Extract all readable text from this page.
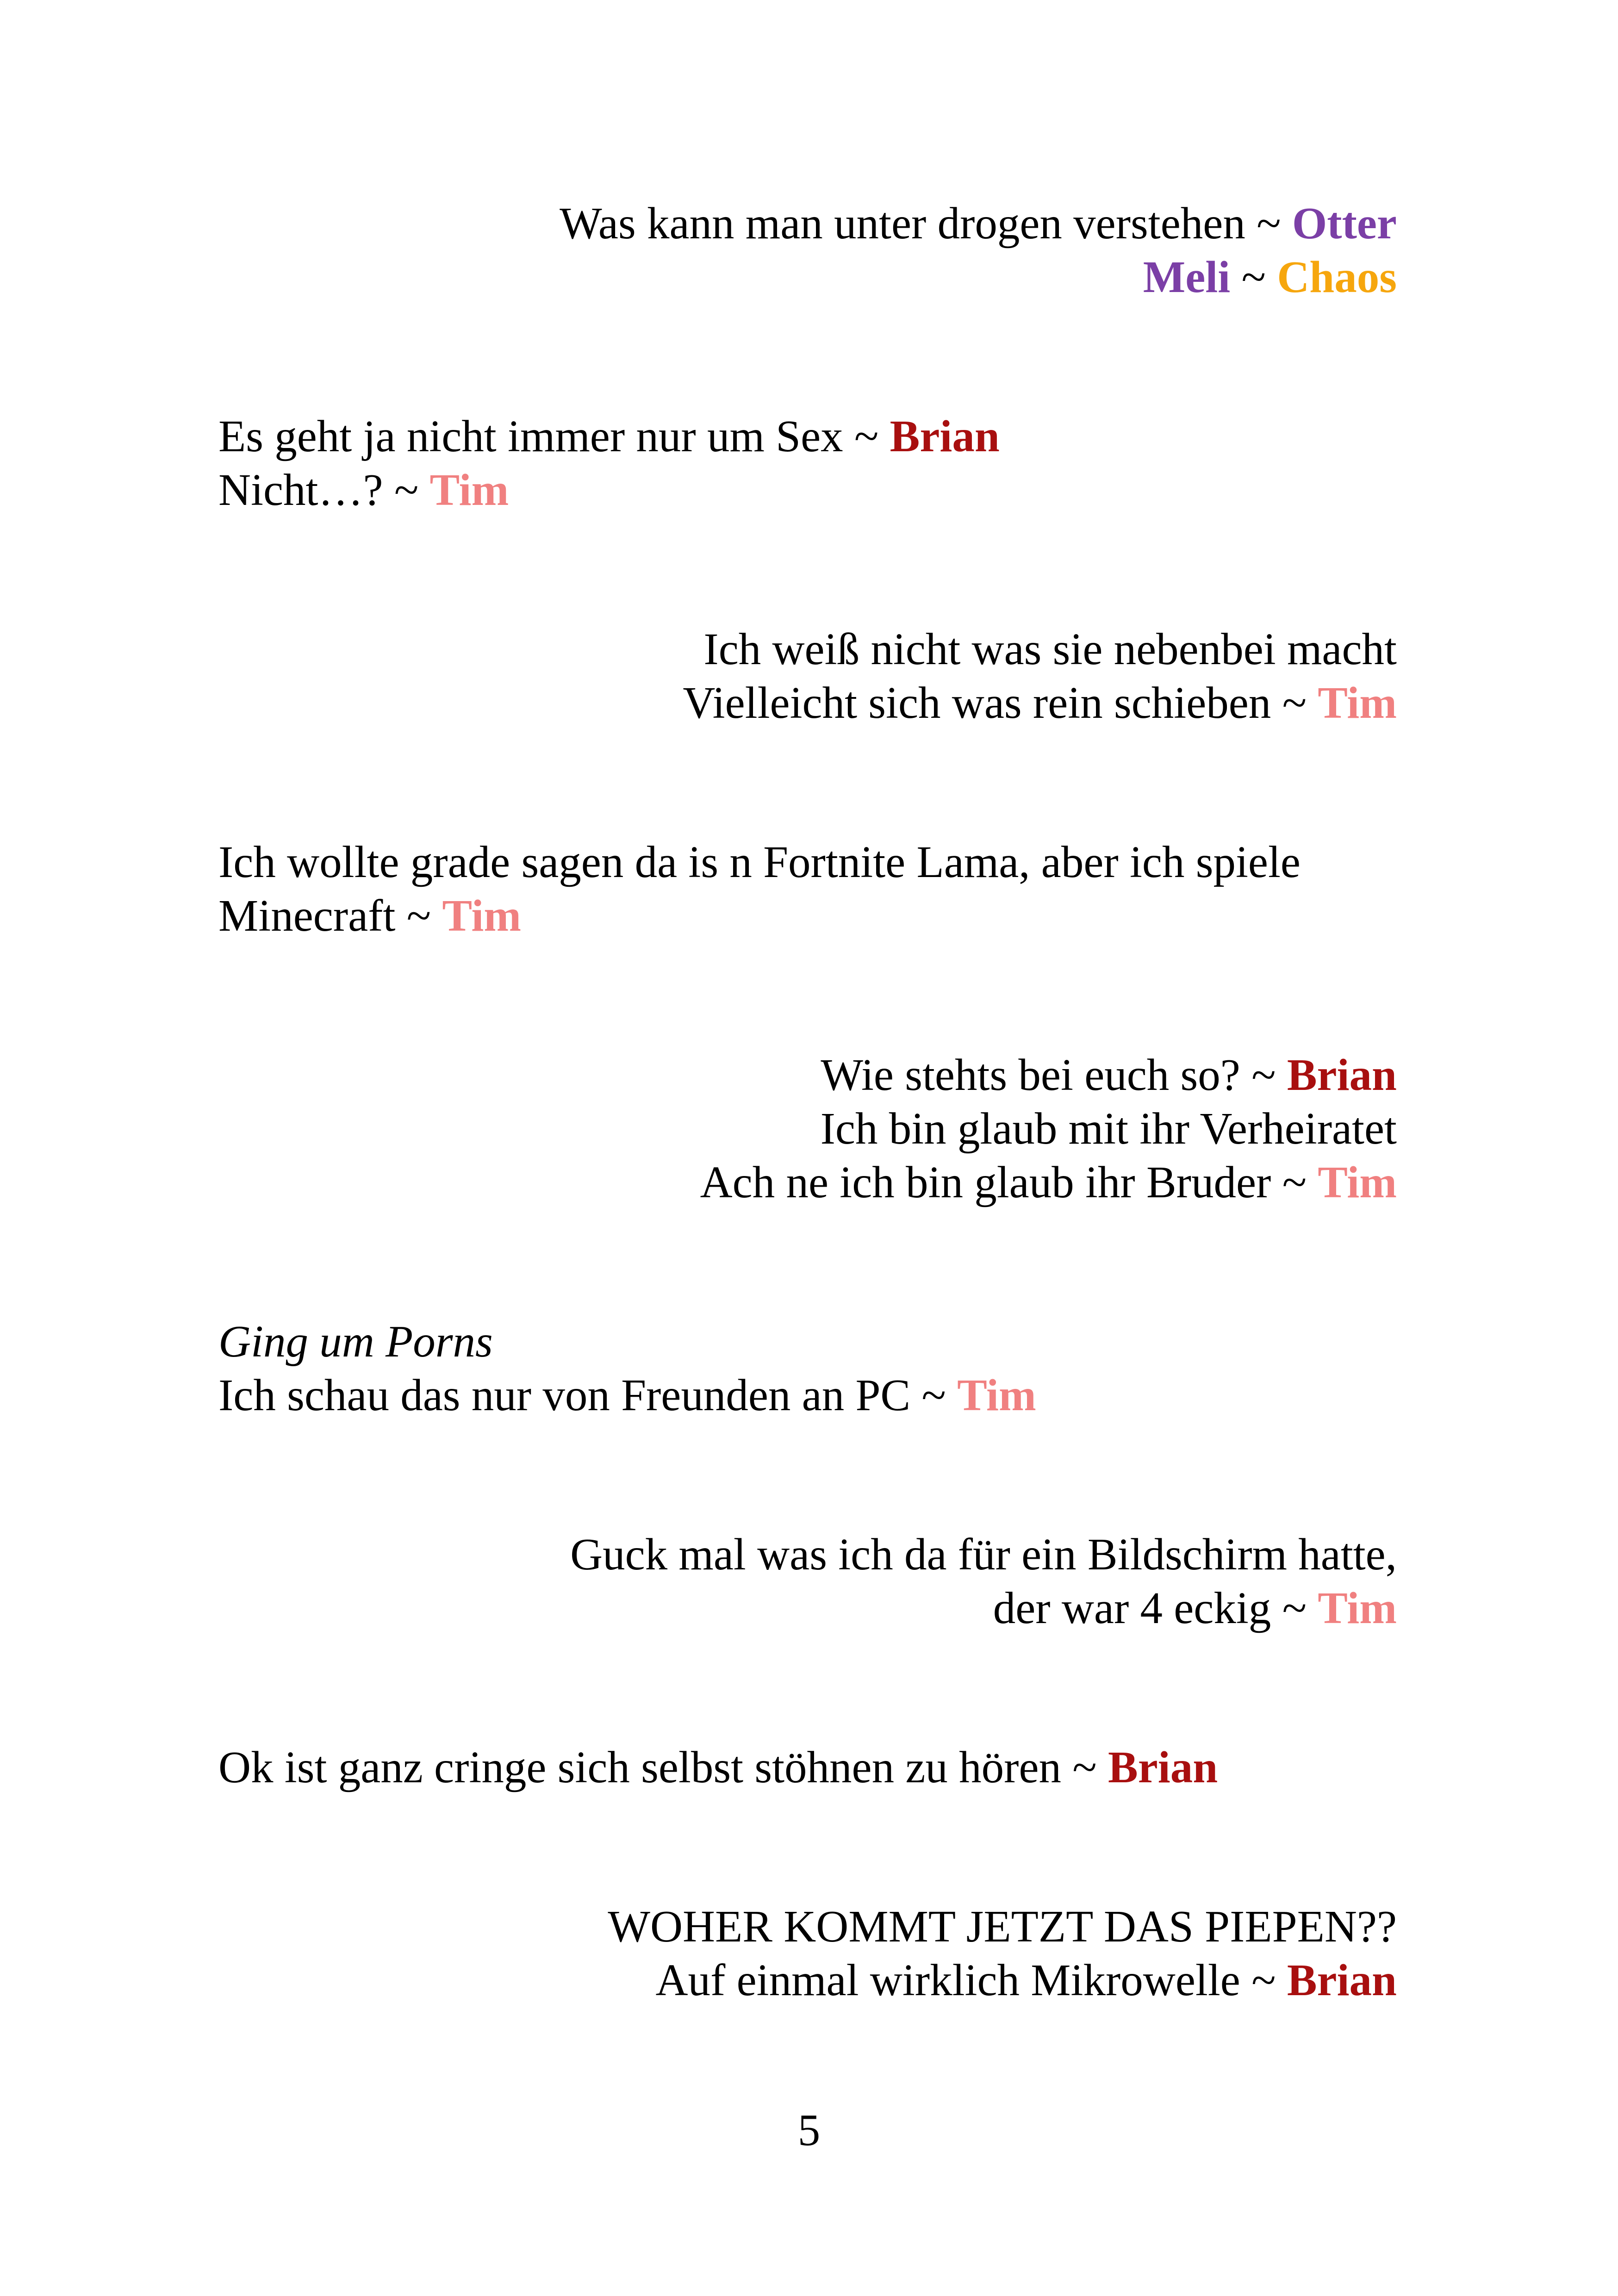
Was kann man unter drogen verstehen ~ Otter
Meli ~ Chaos
Es geht ja nicht immer nur um Sex ~ Brian
Nicht…? ~ Tim
Ich weiß nicht was sie nebenbei macht
Vielleicht sich was rein schieben ~ Tim
Ich wollte grade sagen da is n Fortnite Lama, aber ich spiele
Minecraft ~ Tim
Wie stehts bei euch so? ~ Brian
Ich bin glaub mit ihr Verheiratet
Ach ne ich bin glaub ihr Bruder ~ Tim
Ging um Porns
Ich schau das nur von Freunden an PC ~ Tim
Guck mal was ich da für ein Bildschirm hatte,
der war 4 eckig ~ Tim
Ok ist ganz cringe sich selbst stöhnen zu hören ~ Brian
WOHER KOMMT JETZT DAS PIEPEN??
Auf einmal wirklich Mikrowelle ~ Brian
5
